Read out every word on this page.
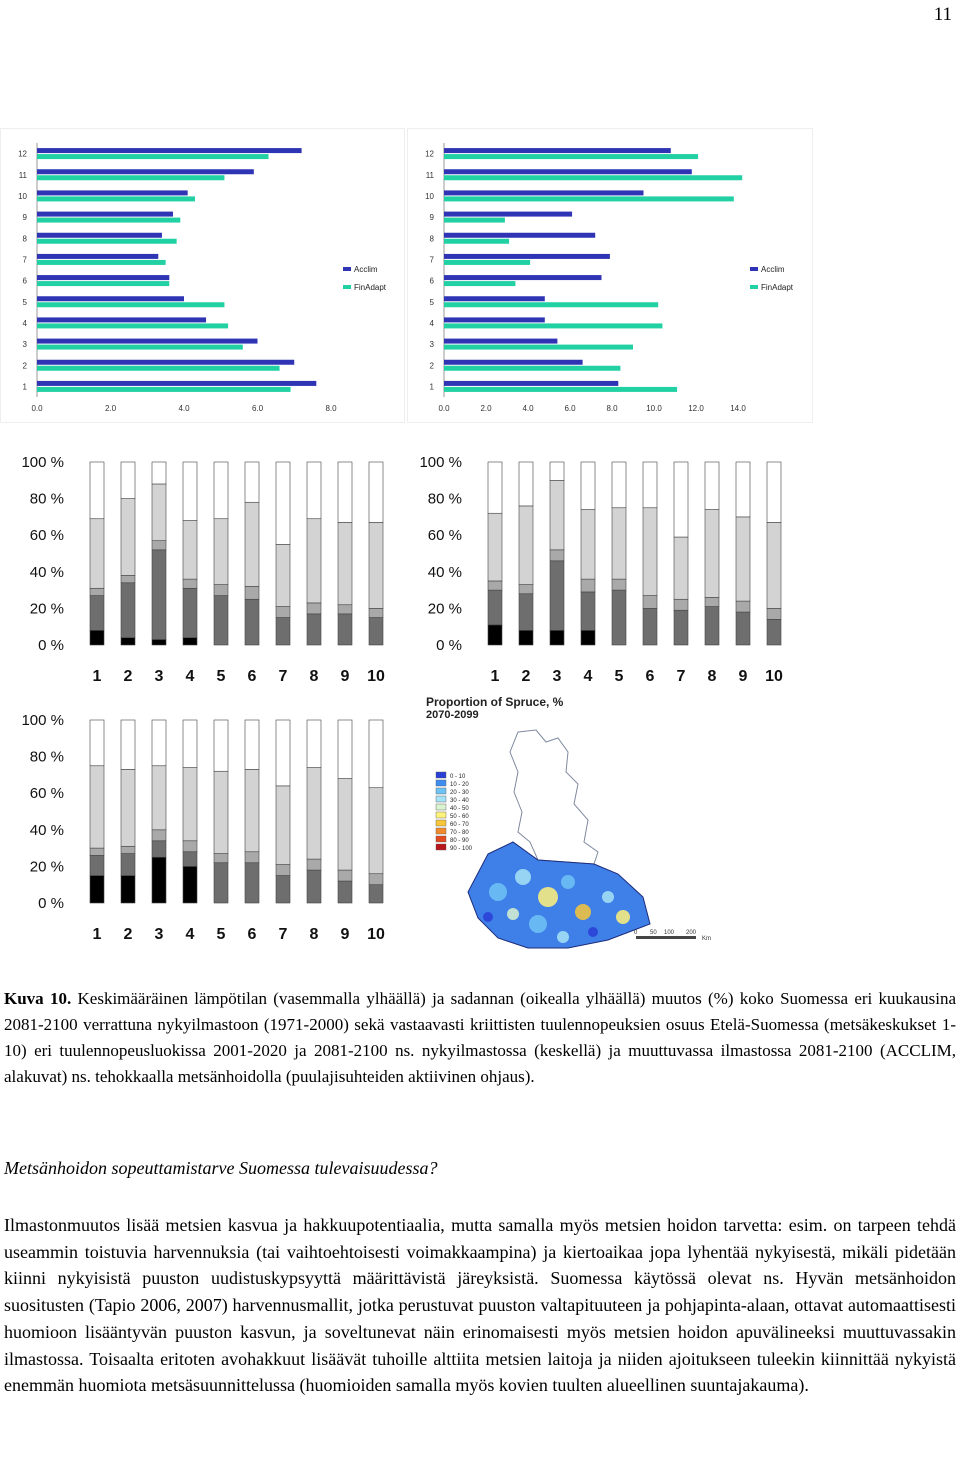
11
1
2
3
4
5
6
7
8
9
10
11
12
0.0	2.0	4.0	6.0	8.0
Acclim
FinAdapt
1
2
3
4
5
6
7
8
9
10
11
12
0.0	2.0	4.0	6.0	8.0	10.0	12.0	14.0
Acclim
FinAdapt
0 %
20 %
40 %
60 %
80 %
100 %
1 2 3 4 5 6 7 8 9 10
0 %
20 %
40 %
60 %
80 %
100 %
1 2 3 4 5 6 7 8 9 10
0 %
20 %
40 %
60 %
80 %
100 %
1 2 3 4 5 6 7 8 9 10
Proportion of Spruce, %
2070-2099
0 - 10
10 - 20
20 - 30
30 - 40
40 - 50
50 - 60
60 - 70
70 - 80
80 - 90
90 - 100
0 50 100 200
Km
Kuva 10. Keskimääräinen lämpötilan (vasemmalla ylhäällä) ja sadannan (oikealla ylhäällä) muutos (%) koko Suomessa eri kuukausina 2081-2100 verrattuna nykyilmastoon (1971-2000) sekä vastaavasti kriittisten tuulennopeuksien osuus Etelä-Suomessa (metsäkeskukset 1-10) eri tuulennopeusluokissa 2001-2020 ja 2081-2100 ns. nykyilmastossa (keskellä) ja muuttuvassa ilmastossa 2081-2100 (ACCLIM, alakuvat) ns. tehokkaalla metsänhoidolla (puulajisuhteiden aktiivinen ohjaus).
Metsänhoidon sopeuttamistarve Suomessa tulevaisuudessa?
Ilmastonmuutos lisää metsien kasvua ja hakkuupotentiaalia, mutta samalla myös metsien hoidon tarvetta: esim. on tarpeen tehdä useammin toistuvia harvennuksia (tai vaihtoehtoisesti voimakkaampina) ja kiertoaikaa jopa lyhentää nykyisestä, mikäli pidetään kiinni nykyisistä puuston uudistuskypsyyttä määrittävistä järeyksistä. Suomessa käytössä olevat ns. Hyvän metsänhoidon suositusten (Tapio 2006, 2007) harvennusmallit, jotka perustuvat puuston valtapituuteen ja pohjapinta-alaan, ottavat automaattisesti huomioon lisääntyvän puuston kasvun, ja soveltunevat näin erinomaisesti myös metsien hoidon apuvälineeksi muuttuvassakin ilmastossa. Toisaalta eritoten avohakkuut lisäävät tuhoille alttiita metsien laitoja ja niiden ajoitukseen tuleekin kiinnittää nykyistä enemmän huomiota metsäsuunnittelussa (huomioiden samalla myös kovien tuulten alueellinen suuntajakauma).
